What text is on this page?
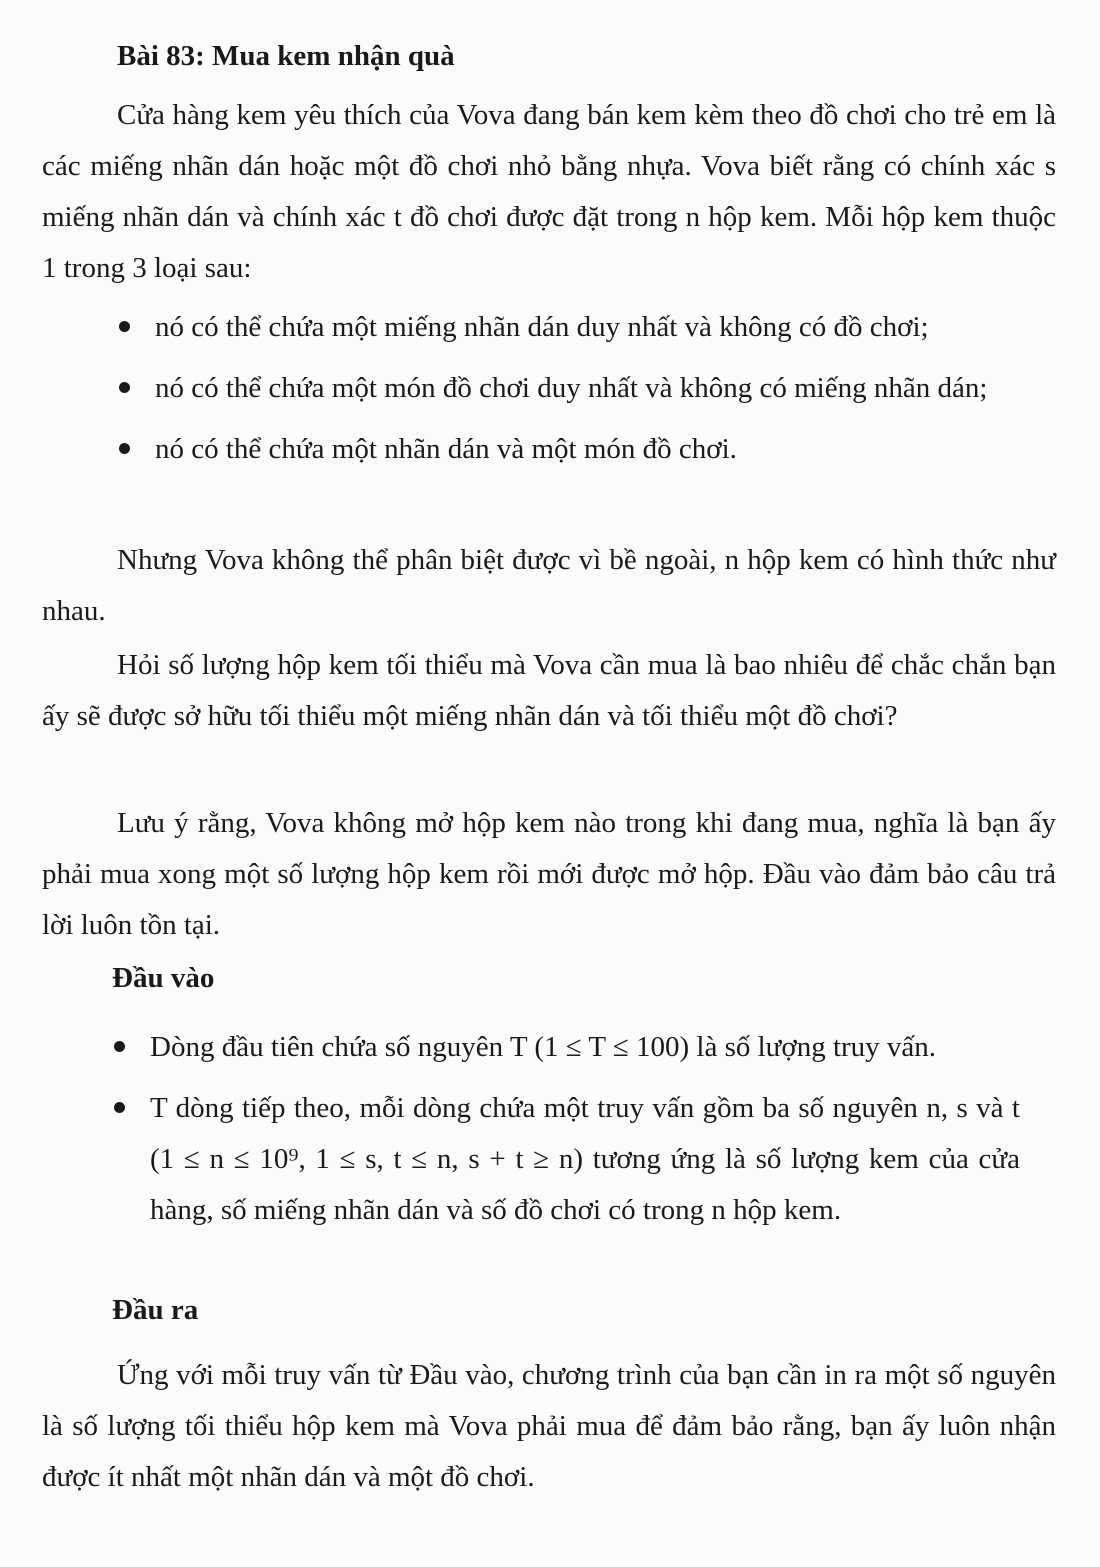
Bài 83: Mua kem nhận quà

Cửa hàng kem yêu thích của Vova đang bán kem kèm theo đồ chơi cho trẻ em là các miếng nhãn dán hoặc một đồ chơi nhỏ bằng nhựa. Vova biết rằng có chính xác s miếng nhãn dán và chính xác t đồ chơi được đặt trong n hộp kem. Mỗi hộp kem thuộc 1 trong 3 loại sau:

nó có thể chứa một miếng nhãn dán duy nhất và không có đồ chơi;
nó có thể chứa một món đồ chơi duy nhất và không có miếng nhãn dán;
nó có thể chứa một nhãn dán và một món đồ chơi.

Nhưng Vova không thể phân biệt được vì bề ngoài, n hộp kem có hình thức như nhau.

Hỏi số lượng hộp kem tối thiểu mà Vova cần mua là bao nhiêu để chắc chắn bạn ấy sẽ được sở hữu tối thiểu một miếng nhãn dán và tối thiểu một đồ chơi?

Lưu ý rằng, Vova không mở hộp kem nào trong khi đang mua, nghĩa là bạn ấy phải mua xong một số lượng hộp kem rồi mới được mở hộp. Đầu vào đảm bảo câu trả lời luôn tồn tại.

Đầu vào
Dòng đầu tiên chứa số nguyên T (1 ≤ T ≤ 100) là số lượng truy vấn.
T dòng tiếp theo, mỗi dòng chứa một truy vấn gồm ba số nguyên n, s và t (1 ≤ n ≤ 10⁹, 1 ≤ s, t ≤ n, s + t ≥ n) tương ứng là số lượng kem của cửa hàng, số miếng nhãn dán và số đồ chơi có trong n hộp kem.
Đầu ra

Ứng với mỗi truy vấn từ Đầu vào, chương trình của bạn cần in ra một số nguyên là số lượng tối thiểu hộp kem mà Vova phải mua để đảm bảo rằng, bạn ấy luôn nhận được ít nhất một nhãn dán và một đồ chơi.
